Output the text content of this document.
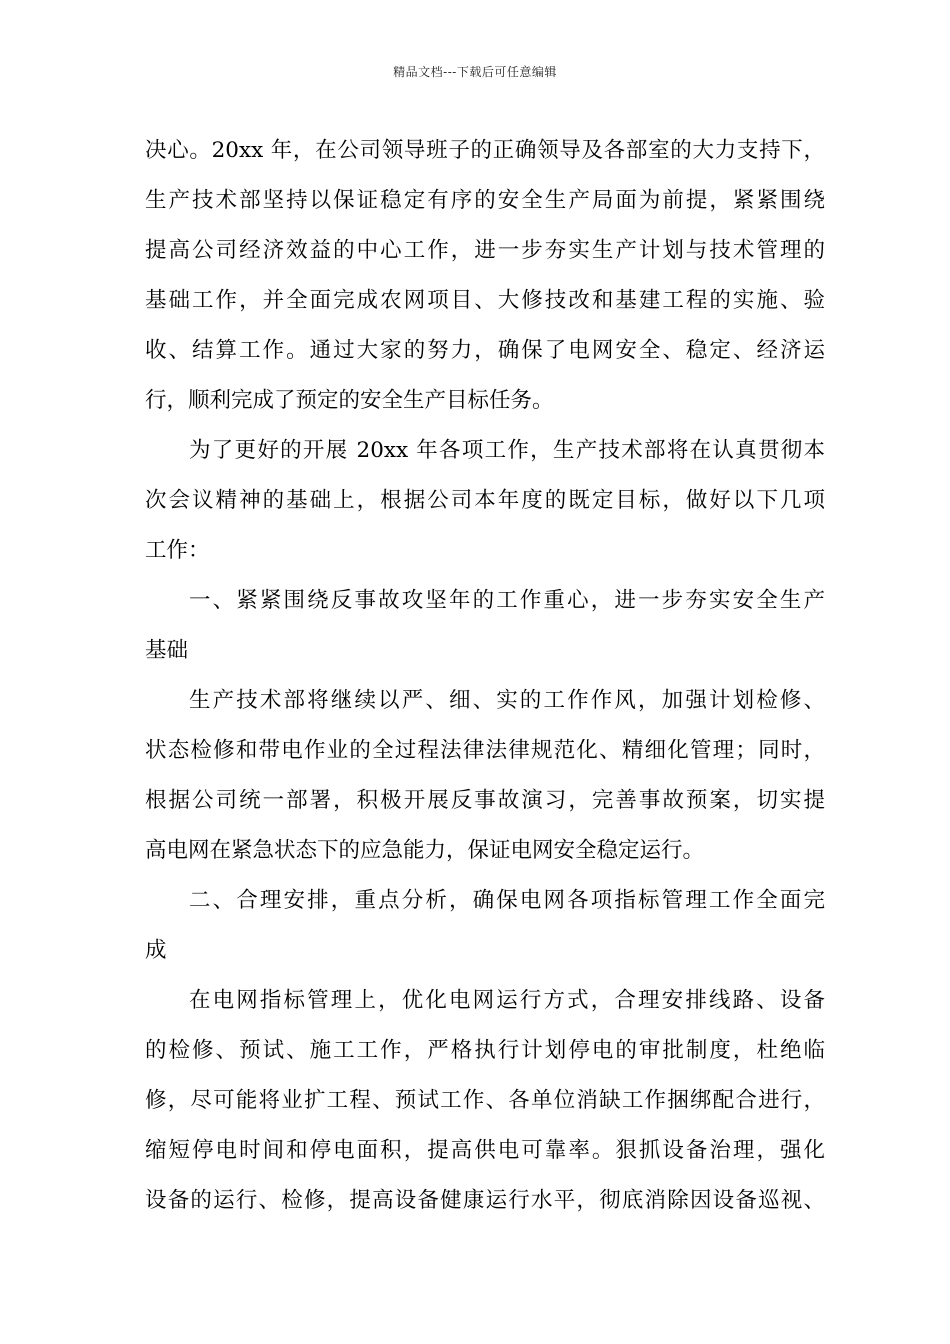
精品文档---下载后可任意编辑
决心。20xx 年，在公司领导班子的正确领导及各部室的大力支持下，
生产技术部坚持以保证稳定有序的安全生产局面为前提，紧紧围绕
提高公司经济效益的中心工作，进一步夯实生产计划与技术管理的
基础工作，并全面完成农网项目、大修技改和基建工程的实施、验
收、结算工作。通过大家的努力，确保了电网安全、稳定、经济运
行，顺利完成了预定的安全生产目标任务。
为了更好的开展 20xx 年各项工作，生产技术部将在认真贯彻本
次会议精神的基础上，根据公司本年度的既定目标，做好以下几项
工作：
一、紧紧围绕反事故攻坚年的工作重心，进一步夯实安全生产
基础
生产技术部将继续以严、细、实的工作作风，加强计划检修、
状态检修和带电作业的全过程法律法律规范化、精细化管理；同时，
根据公司统一部署，积极开展反事故演习，完善事故预案，切实提
高电网在紧急状态下的应急能力，保证电网安全稳定运行。
二、合理安排，重点分析，确保电网各项指标管理工作全面完
成
在电网指标管理上，优化电网运行方式，合理安排线路、设备
的检修、预试、施工工作，严格执行计划停电的审批制度，杜绝临
修，尽可能将业扩工程、预试工作、各单位消缺工作捆绑配合进行，
缩短停电时间和停电面积，提高供电可靠率。狠抓设备治理，强化
设备的运行、检修，提高设备健康运行水平，彻底消除因设备巡视、
